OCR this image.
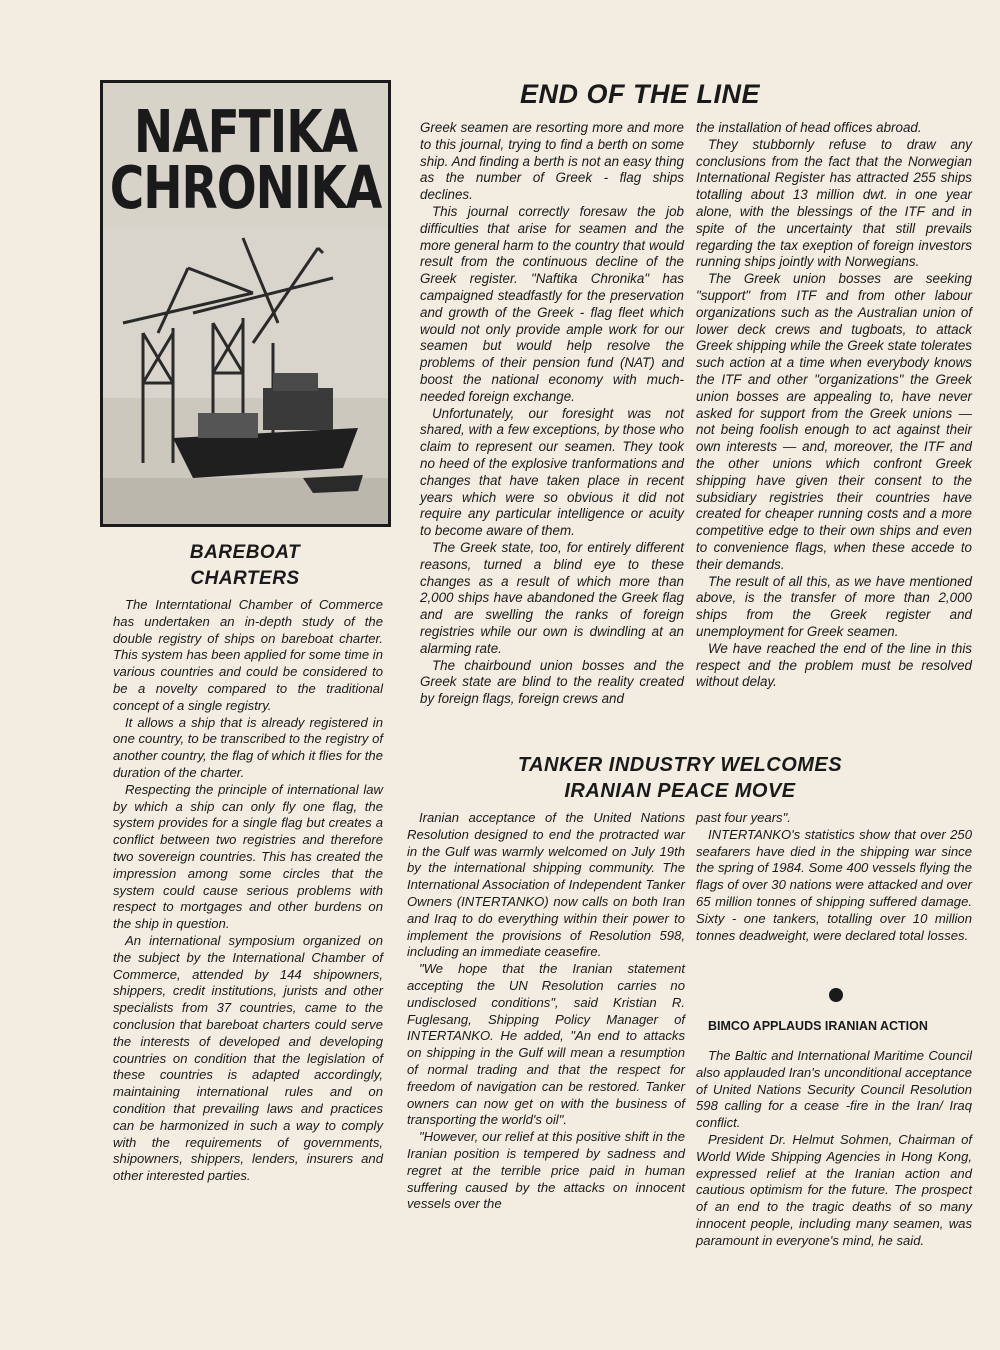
NAFTIKA
CHRONIKA
BAREBOAT
CHARTERS

The Interntational Chamber of Commerce has undertaken an in-depth study of the double registry of ships on bareboat charter. This system has been applied for some time in various countries and could be considered to be a novelty compared to the traditional concept of a single registry.

It allows a ship that is already registered in one country, to be transcribed to the registry of another country, the flag of which it flies for the duration of the charter.

Respecting the principle of international law by which a ship can only fly one flag, the system provides for a single flag but creates a conflict between two registries and therefore two sovereign countries. This has created the impression among some circles that the system could cause serious problems with respect to mortgages and other burdens on the ship in question.

An international symposium organized on the subject by the International Chamber of Commerce, attended by 144 shipowners, shippers, credit institutions, jurists and other specialists from 37 countries, came to the conclusion that bareboat charters could serve the interests of developed and developing countries on condition that the legislation of these countries is adapted accordingly, maintaining international rules and on condition that prevailing laws and practices can be harmonized in such a way to comply with the requirements of governments, shipowners, shippers, lenders, insurers and other interested parties.

END OF THE LINE

Greek seamen are resorting more and more to this journal, trying to find a berth on some ship. And finding a berth is not an easy thing as the number of Greek - flag ships declines.

This journal correctly foresaw the job difficulties that arise for seamen and the more general harm to the country that would result from the continuous decline of the Greek register. "Naftika Chronika" has campaigned steadfastly for the preservation and growth of the Greek - flag fleet which would not only provide ample work for our seamen but would help resolve the problems of their pension fund (NAT) and boost the national economy with much-needed foreign exchange.

Unfortunately, our foresight was not shared, with a few exceptions, by those who claim to represent our seamen. They took no heed of the explosive tranformations and changes that have taken place in recent years which were so obvious it did not require any particular intelligence or acuity to become aware of them.

The Greek state, too, for entirely different reasons, turned a blind eye to these changes as a result of which more than 2,000 ships have abandoned the Greek flag and are swelling the ranks of foreign registries while our own is dwindling at an alarming rate.

The chairbound union bosses and the Greek state are blind to the reality created by foreign flags, foreign crews and

the installation of head offices abroad.

They stubbornly refuse to draw any conclusions from the fact that the Norwegian International Register has attracted 255 ships totalling about 13 million dwt. in one year alone, with the blessings of the ITF and in spite of the uncertainty that still prevails regarding the tax exeption of foreign investors running ships jointly with Norwegians.

The Greek union bosses are seeking "support" from ITF and from other labour organizations such as the Australian union of lower deck crews and tugboats, to attack Greek shipping while the Greek state tolerates such action at a time when everybody knows the ITF and other "organizations" the Greek union bosses are appealing to, have never asked for support from the Greek unions — not being foolish enough to act against their own interests — and, moreover, the ITF and the other unions which confront Greek shipping have given their consent to the subsidiary registries their countries have created for cheaper running costs and a more competitive edge to their own ships and even to convenience flags, when these accede to their demands.

The result of all this, as we have mentioned above, is the transfer of more than 2,000 ships from the Greek register and unemployment for Greek seamen.

We have reached the end of the line in this respect and the problem must be resolved without delay.

TANKER INDUSTRY WELCOMES
IRANIAN PEACE MOVE

Iranian acceptance of the United Nations Resolution designed to end the protracted war in the Gulf was warmly welcomed on July 19th by the international shipping community. The International Association of Independent Tanker Owners (INTERTANKO) now calls on both Iran and Iraq to do everything within their power to implement the provisions of Resolution 598, including an immediate ceasefire.

"We hope that the Iranian statement accepting the UN Resolution carries no undisclosed conditions", said Kristian R. Fuglesang, Shipping Policy Manager of INTERTANKO. He added, "An end to attacks on shipping in the Gulf will mean a resumption of normal trading and that the respect for freedom of navigation can be restored. Tanker owners can now get on with the business of transporting the world's oil".

"However, our relief at this positive shift in the Iranian position is tempered by sadness and regret at the terrible price paid in human suffering caused by the attacks on innocent vessels over the

past four years".

INTERTANKO's statistics show that over 250 seafarers have died in the shipping war since the spring of 1984. Some 400 vessels flying the flags of over 30 nations were attacked and over 65 million tonnes of shipping suffered damage. Sixty - one tankers, totalling over 10 million tonnes deadweight, were declared total losses.

BIMCO APPLAUDS IRANIAN ACTION

The Baltic and International Maritime Council also applauded Iran's unconditional acceptance of United Nations Security Council Resolution 598 calling for a cease -fire in the Iran/ Iraq conflict.

President Dr. Helmut Sohmen, Chairman of World Wide Shipping Agencies in Hong Kong, expressed relief at the Iranian action and cautious optimism for the future. The prospect of an end to the tragic deaths of so many innocent people, including many seamen, was paramount in everyone's mind, he said.
